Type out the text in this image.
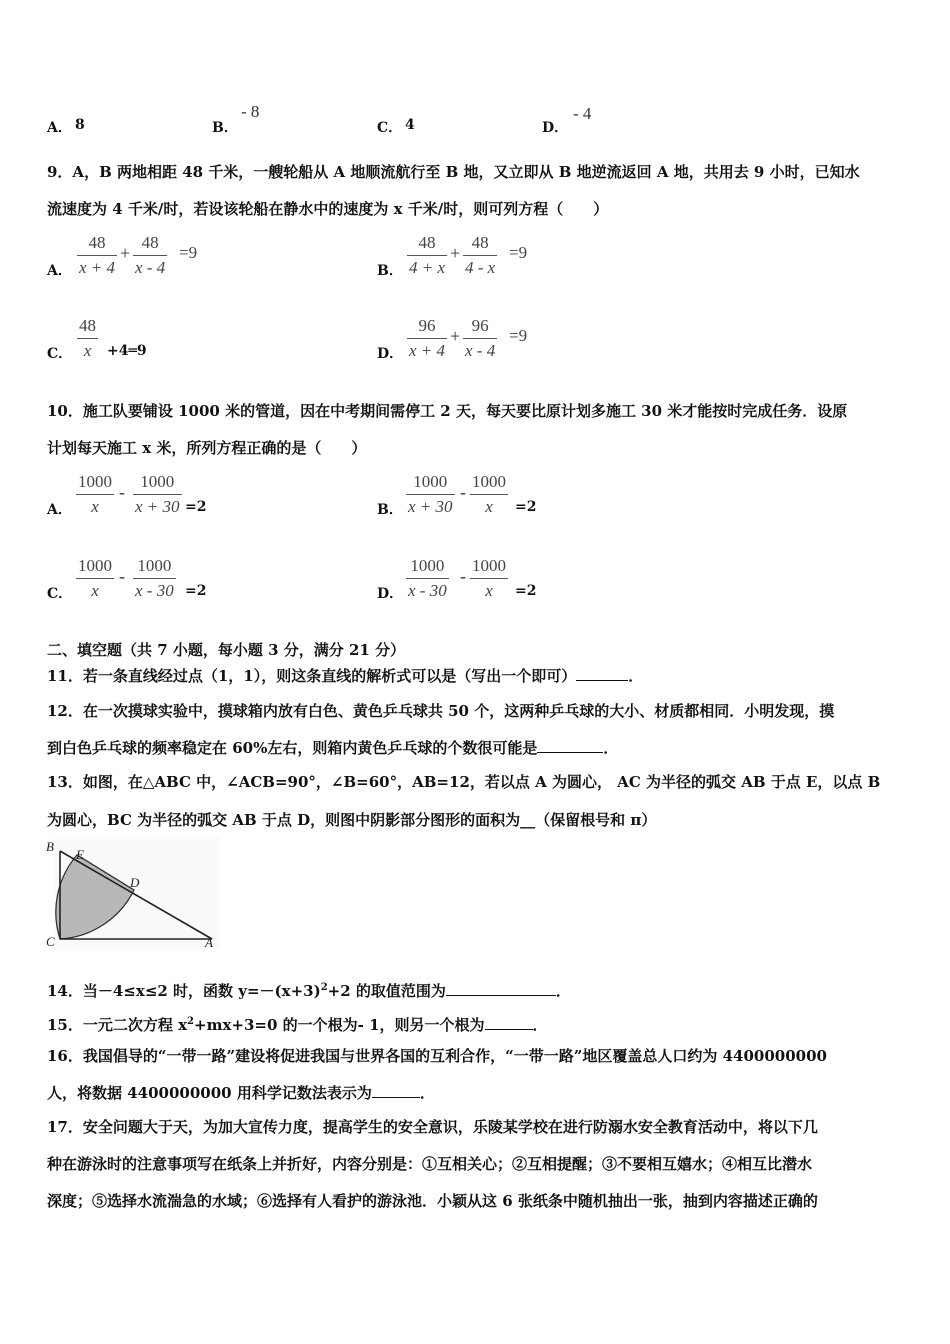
A． 8	B．
- 8
C． 4	D．
- 4
9．A，B 两地相距 48 千米，一艘轮船从 A 地顺流航行至 B 地，又立即从 B 地逆流返回 A 地，共用去 9 小时，已知水
流速度为 4 千米/时，若设该轮船在静水中的速度为 x 千米/时，则可列方程（　　）
A． $\frac{48}{x + 4} + \frac{48}{x - 4} =9$
B． $\frac{48}{4 + x} + \frac{48}{4 - x} =9$
C． $\frac{48}{x}$ +4═9	D． $\frac{96}{x + 4} + \frac{96}{x - 4} =9$
10．施工队要铺设 1000 米的管道，因在中考期间需停工 2 天，每天要比原计划多施工 30 米才能按时完成任务．设原
计划每天施工 x 米，所列方程正确的是（　　）
A． $\frac{1000}{x} - \frac{1000}{x + 30} =2$	B． $\frac{1000}{x + 30} - \frac{1000}{x} =2$
C． $\frac{1000}{x} - \frac{1000}{x - 30} =2$	D． $\frac{1000}{x - 30} - \frac{1000}{x} =2$
二、填空题（共 7 小题，每小题 3 分，满分 21 分）
11．若一条直线经过点（1，1），则这条直线的解析式可以是（写出一个即可）	．
12．在一次摸球实验中，摸球箱内放有白色、黄色乒乓球共 50 个，这两种乒乓球的大小、材质都相同．小明发现，摸
到白色乒乓球的频率稳定在 60%左右，则箱内黄色乒乓球的个数很可能是	．
13．如图，在△ABC 中，∠ACB=90°，∠B=60°，AB=12，若以点 A 为圆心， AC 为半径的弧交 AB 于点 E，以点 B
为圆心，BC 为半径的弧交 AB 于点 D，则图中阴影部分图形的面积为__（保留根号和 π）
B
E
D
C	A
14．当－4≤x≤2 时，函数 $y=-(x+3)^2+2$ 的取值范围为	．
15．一元二次方程 $x^2+mx+3=0$ 的一个根为- 1，则另一个根为	．
16．我国倡导的“一带一路”建设将促进我国与世界各国的互利合作，“一带一路”地区覆盖总人口约为 4400000000
人，将数据 4400000000 用科学记数法表示为	．
17．安全问题大于天，为加大宣传力度，提高学生的安全意识，乐陵某学校在进行防溺水安全教育活动中，将以下几
种在游泳时的注意事项写在纸条上并折好，内容分别是：①互相关心；②互相提醒；③不要相互嬉水；④相互比潜水
深度；⑤选择水流湍急的水域；⑥选择有人看护的游泳池．小颖从这 6 张纸条中随机抽出一张，抽到内容描述正确的
